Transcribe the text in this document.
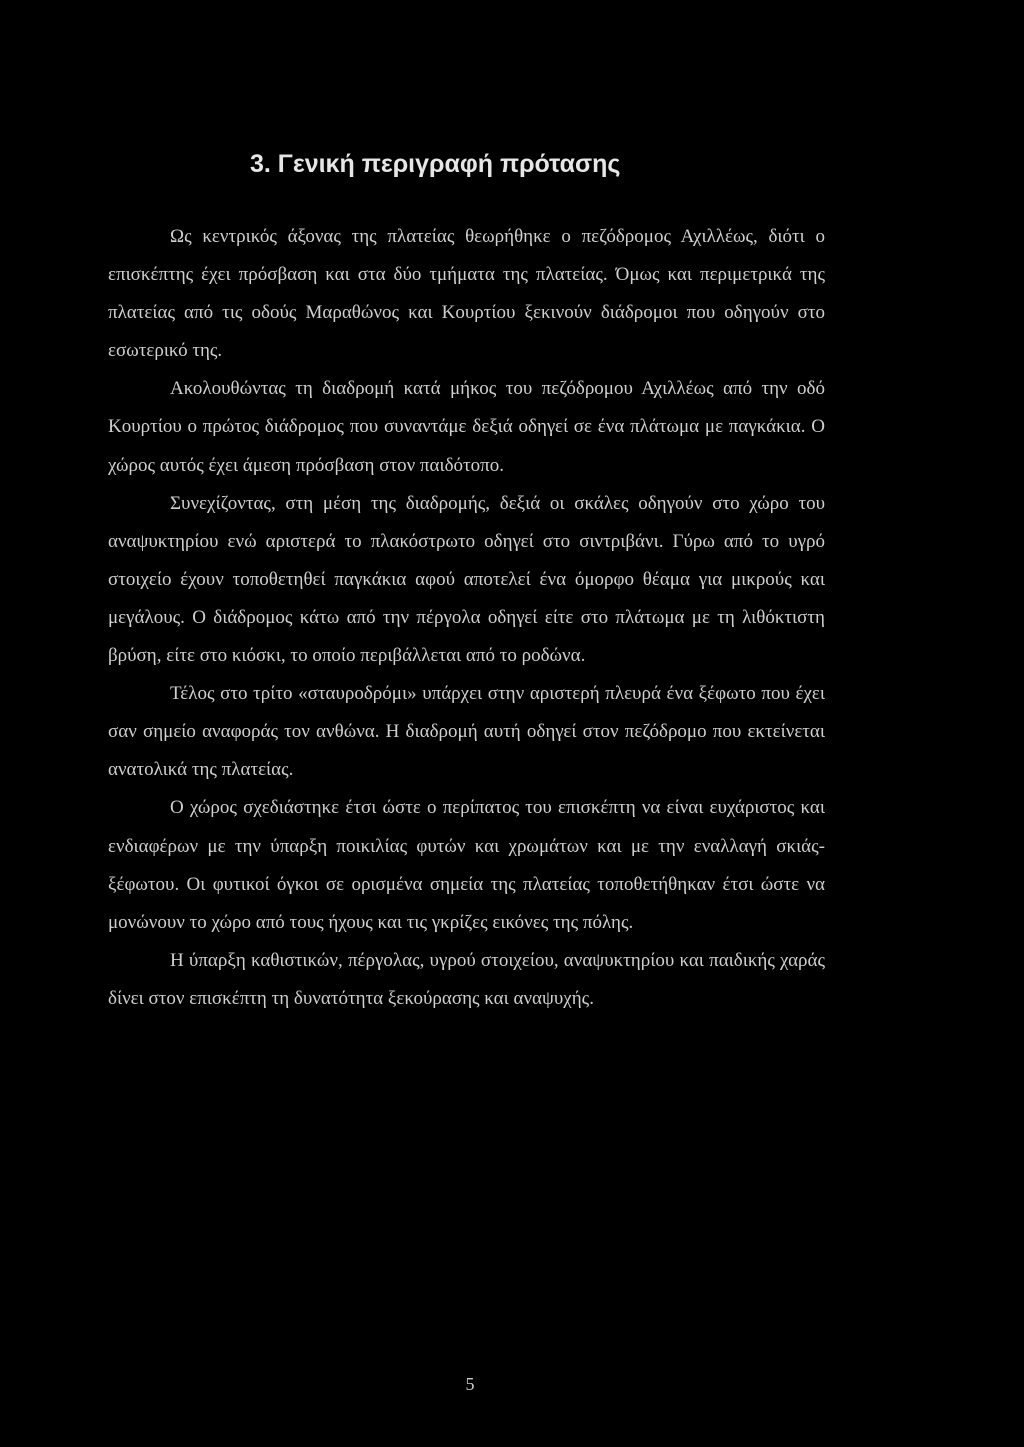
3. Γενική περιγραφή πρότασης

Ως κεντρικός άξονας της πλατείας θεωρήθηκε ο πεζόδρομος Αχιλλέως, διότι ο επισκέπτης έχει πρόσβαση και στα δύο τμήματα της πλατείας. Όμως και περιμετρικά της πλατείας από τις οδούς Μαραθώνος και Κουρτίου ξεκινούν διάδρομοι που οδηγούν στο εσωτερικό της.

Ακολουθώντας τη διαδρομή κατά μήκος του πεζόδρομου Αχιλλέως από την οδό Κουρτίου ο πρώτος διάδρομος που συναντάμε δεξιά οδηγεί σε ένα πλάτωμα με παγκάκια. Ο χώρος αυτός έχει άμεση πρόσβαση στον παιδότοπο.

Συνεχίζοντας, στη μέση της διαδρομής, δεξιά οι σκάλες οδηγούν στο χώρο του αναψυκτηρίου ενώ αριστερά το πλακόστρωτο οδηγεί στο σιντριβάνι. Γύρω από το υγρό στοιχείο έχουν τοποθετηθεί παγκάκια αφού αποτελεί ένα όμορφο θέαμα για μικρούς και μεγάλους. Ο διάδρομος κάτω από την πέργολα οδηγεί είτε στο πλάτωμα με τη λιθόκτιστη βρύση, είτε στο κιόσκι, το οποίο περιβάλλεται από το ροδώνα.

Τέλος στο τρίτο «σταυροδρόμι» υπάρχει στην αριστερή πλευρά ένα ξέφωτο που έχει σαν σημείο αναφοράς τον ανθώνα. Η διαδρομή αυτή οδηγεί στον πεζόδρομο που εκτείνεται ανατολικά της πλατείας.

Ο χώρος σχεδιάστηκε έτσι ώστε ο περίπατος του επισκέπτη να είναι ευχάριστος και ενδιαφέρων με την ύπαρξη ποικιλίας φυτών και χρωμάτων και με την εναλλαγή σκιάς- ξέφωτου. Οι φυτικοί όγκοι σε ορισμένα σημεία της πλατείας τοποθετήθηκαν έτσι ώστε να μονώνουν το χώρο από τους ήχους και τις γκρίζες εικόνες της πόλης.

Η ύπαρξη καθιστικών, πέργολας, υγρού στοιχείου, αναψυκτηρίου και παιδικής χαράς δίνει στον επισκέπτη τη δυνατότητα ξεκούρασης και αναψυχής.

5
